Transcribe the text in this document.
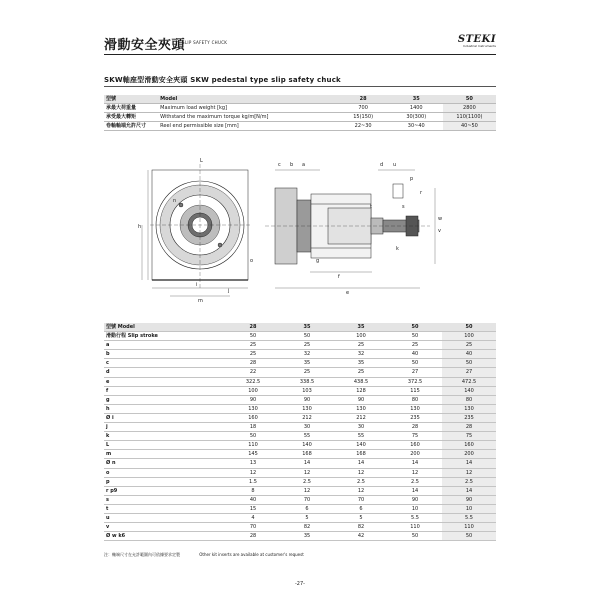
滑動安全夾頭
SLIP SAFETY CHUCK	STEKI
Industrial Instruments
SKW軸座型滑動安全夾頭 SKW pedestal type slip safety chuck
型號	Model	28	35	50
承最大荷重量	Maximum load weight [kg]	700	1400	2800
承受最大轉矩	Withstand the maximum torque kg/m[N/m]	15(150)	30(300)	110(1100)
卷軸軸端允許尺寸	Reel end permissible size [mm]	22~30	30~40	40~50
L
i
h
m
o
n
j
c b a	d u
e
f
g
k
s
t
w
v
p
r
型號 Model	28	35	35	50	50
滑動行程 Slip stroke	50	50	100	50	100
a	25	25	25	25	25
b	25	32	32	40	40
c	28	35	35	50	50
d	22	25	25	27	27
e	322.5	338.5	438.5	372.5	472.5
f	100	103	128	115	140
g	90	90	90	80	80
h	130	130	130	130	130
Ø i	160	212	212	235	235
j	18	30	30	28	28
k	50	55	55	75	75
L	110	140	140	160	160
m	145	168	168	200	200
Ø n	13	14	14	14	14
o	12	12	12	12	12
p	1.5	2.5	2.5	2.5	2.5
r p9	8	12	12	14	14
s	40	70	70	90	90
t	15	6	6	10	10
u	4	5	5	5.5	5.5
v	70	82	82	110	110
Ø w k6	28	35	42	50	50
注：軸端尺寸在允許範圍內可依據要求定製	Other kit inserts are available at customer's request
-27-
